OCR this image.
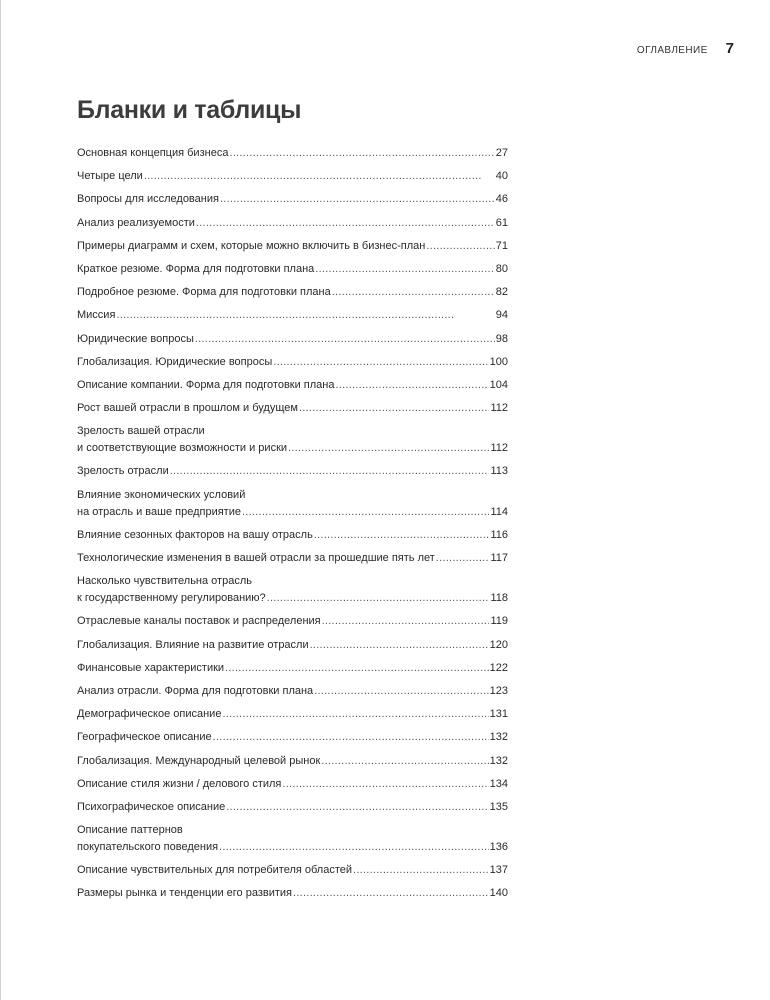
ОГЛАВЛЕНИЕ 7
Бланки и таблицы
Основная концепция бизнеса . . .	27
Четыре цели . . .	40
Вопросы для исследования . . .	46
Анализ реализуемости . . .	61
Примеры диаграмм и схем, которые можно включить в бизнес-план . . .	71
Краткое резюме. Форма для подготовки плана . . .	80
Подробное резюме. Форма для подготовки плана . . .	82
Миссия . . .	94
Юридические вопросы . . .	98
Глобализация. Юридические вопросы . . .	100
Описание компании. Форма для подготовки плана . . .	104
Рост вашей отрасли в прошлом и будущем . . .	112
Зрелость вашей отрасли
и соответствующие возможности и риски . . .	112
Зрелость отрасли . . .	113
Влияние экономических условий
на отрасль и ваше предприятие . . .	114
Влияние сезонных факторов на вашу отрасль . . .	116
Технологические изменения в вашей отрасли за прошедшие пять лет . . .	117
Насколько чувствительна отрасль
к государственному регулированию? . . .	118
Отраслевые каналы поставок и распределения . . .	119
Глобализация. Влияние на развитие отрасли . . .	120
Финансовые характеристики . . .	122
Анализ отрасли. Форма для подготовки плана . . .	123
Демографическое описание . . .	131
Географическое описание . . .	132
Глобализация. Международный целевой рынок . . .	132
Описание стиля жизни / делового стиля . . .	134
Психографическое описание . . .	135
Описание паттернов
покупательского поведения . . .	136
Описание чувствительных для потребителя областей . . .	137
Размеры рынка и тенденции его развития . . .	140
